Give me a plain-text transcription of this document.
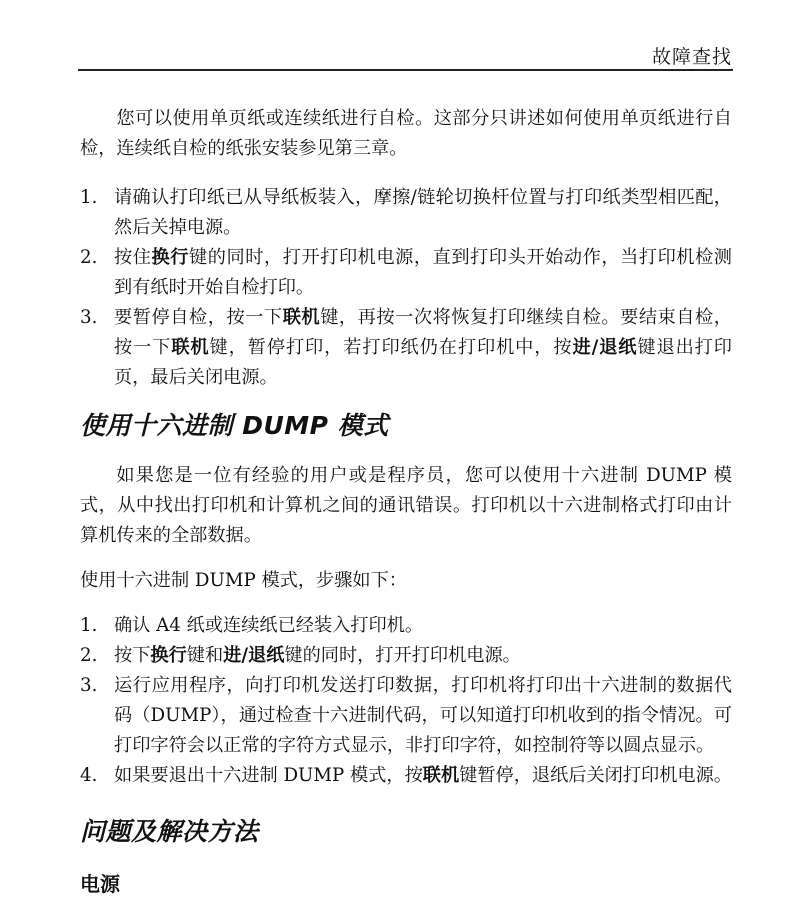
故障查找

您可以使用单页纸或连续纸进行自检。这部分只讲述如何使用单页纸进行自检，连续纸自检的纸张安装参见第三章。

1. 请确认打印纸已从导纸板装入，摩擦/链轮切换杆位置与打印纸类型相匹配，然后关掉电源。
2. 按住换行键的同时，打开打印机电源，直到打印头开始动作，当打印机检测到有纸时开始自检打印。
3. 要暂停自检，按一下联机键，再按一次将恢复打印继续自检。要结束自检，按一下联机键，暂停打印，若打印纸仍在打印机中，按进/退纸键退出打印页，最后关闭电源。
使用十六进制 DUMP 模式

如果您是一位有经验的用户或是程序员，您可以使用十六进制 DUMP 模式，从中找出打印机和计算机之间的通讯错误。打印机以十六进制格式打印由计算机传来的全部数据。

使用十六进制 DUMP 模式，步骤如下：

1. 确认 A4 纸或连续纸已经装入打印机。
2. 按下换行键和进/退纸键的同时，打开打印机电源。
3. 运行应用程序，向打印机发送打印数据，打印机将打印出十六进制的数据代码（DUMP），通过检查十六进制代码，可以知道打印机收到的指令情况。可打印字符会以正常的字符方式显示，非打印字符，如控制符等以圆点显示。
4. 如果要退出十六进制 DUMP 模式，按联机键暂停，退纸后关闭打印机电源。
问题及解决方法
电源
